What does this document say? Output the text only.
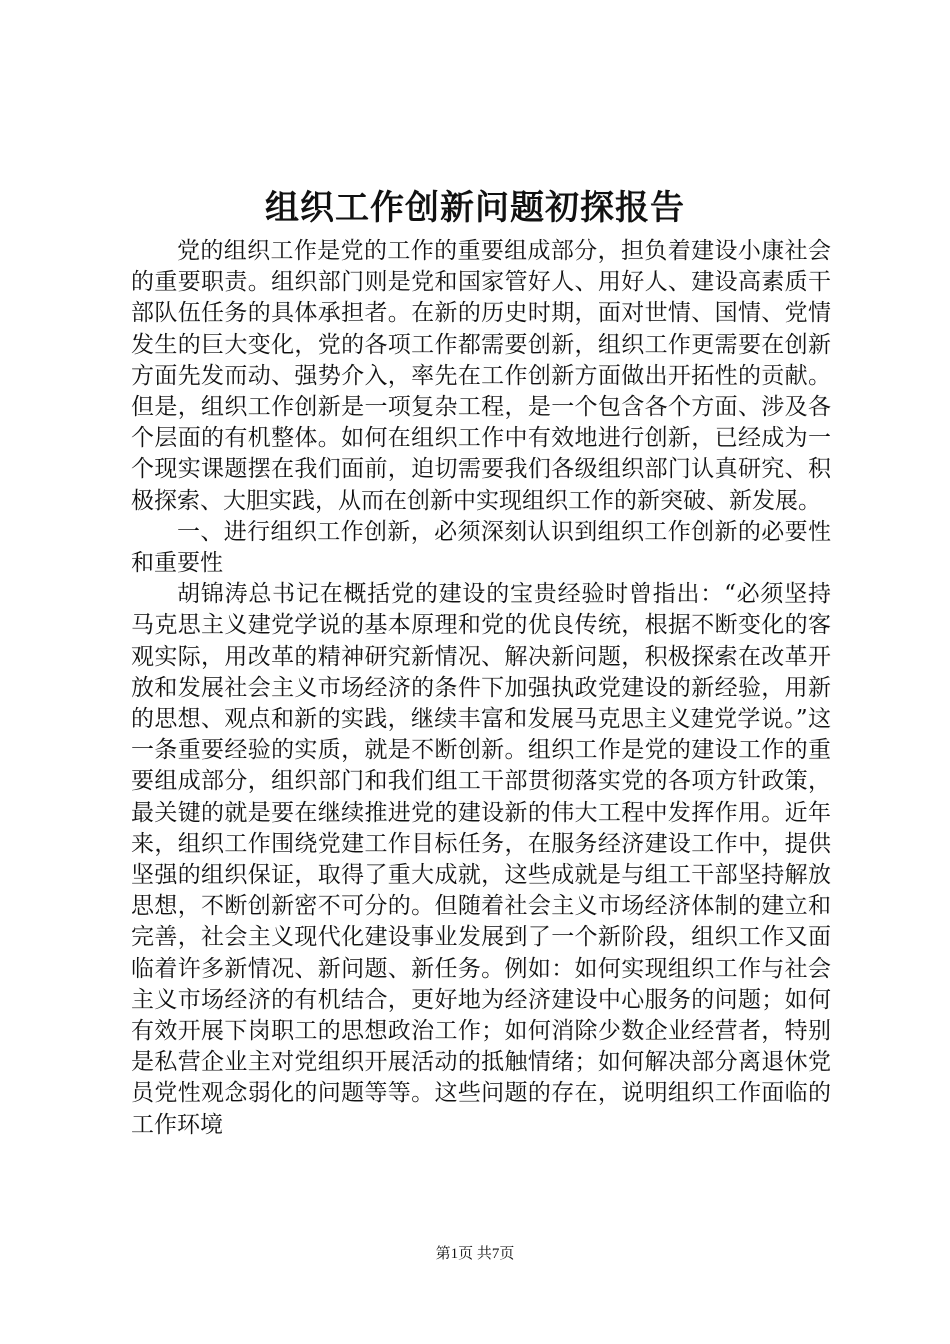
组织工作创新问题初探报告

党的组织工作是党的工作的重要组成部分，担负着建设小康社会的重要职责。组织部门则是党和国家管好人、用好人、建设高素质干部队伍任务的具体承担者。在新的历史时期，面对世情、国情、党情发生的巨大变化，党的各项工作都需要创新，组织工作更需要在创新方面先发而动、强势介入，率先在工作创新方面做出开拓性的贡献。但是，组织工作创新是一项复杂工程，是一个包含各个方面、涉及各个层面的有机整体。如何在组织工作中有效地进行创新，已经成为一个现实课题摆在我们面前，迫切需要我们各级组织部门认真研究、积极探索、大胆实践，从而在创新中实现组织工作的新突破、新发展。

一、进行组织工作创新，必须深刻认识到组织工作创新的必要性和重要性

胡锦涛总书记在概括党的建设的宝贵经验时曾指出：“必须坚持马克思主义建党学说的基本原理和党的优良传统，根据不断变化的客观实际，用改革的精神研究新情况、解决新问题，积极探索在改革开放和发展社会主义市场经济的条件下加强执政党建设的新经验，用新的思想、观点和新的实践，继续丰富和发展马克思主义建党学说。”这一条重要经验的实质，就是不断创新。组织工作是党的建设工作的重要组成部分，组织部门和我们组工干部贯彻落实党的各项方针政策，最关键的就是要在继续推进党的建设新的伟大工程中发挥作用。近年来，组织工作围绕党建工作目标任务，在服务经济建设工作中，提供坚强的组织保证，取得了重大成就，这些成就是与组工干部坚持解放思想，不断创新密不可分的。但随着社会主义市场经济体制的建立和完善，社会主义现代化建设事业发展到了一个新阶段，组织工作又面临着许多新情况、新问题、新任务。例如：如何实现组织工作与社会主义市场经济的有机结合，更好地为经济建设中心服务的问题；如何有效开展下岗职工的思想政治工作；如何消除少数企业经营者，特别是私营企业主对党组织开展活动的抵触情绪；如何解决部分离退休党员党性观念弱化的问题等等。这些问题的存在，说明组织工作面临的工作环境

第1页 共7页
